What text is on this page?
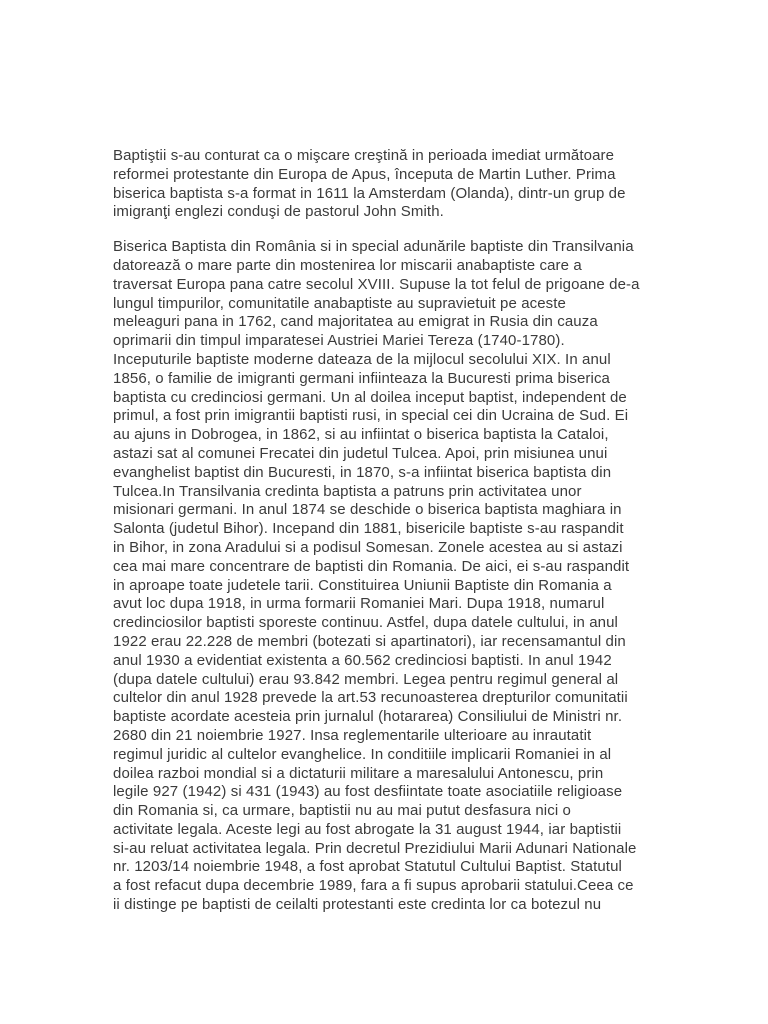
Baptiştii s-au conturat ca o mişcare creştină in perioada imediat următoare
reformei protestante din Europa de Apus, începuta de Martin Luther. Prima
biserica baptista s-a format in 1611 la Amsterdam (Olanda), dintr-un grup de
imigranţi englezi conduşi de pastorul John Smith.
Biserica Baptista din România si in special adunările baptiste din Transilvania
datorează o mare parte din mostenirea lor miscarii anabaptiste care a
traversat Europa pana catre secolul XVIII. Supuse la tot felul de prigoane de-a
lungul timpurilor, comunitatile anabaptiste au supravietuit pe aceste
meleaguri pana in 1762, cand majoritatea au emigrat in Rusia din cauza
oprimarii din timpul imparatesei Austriei Mariei Tereza (1740-1780).
Inceputurile baptiste moderne dateaza de la mijlocul secolului XIX. In anul
1856, o familie de imigranti germani infiinteaza la Bucuresti prima biserica
baptista cu credinciosi germani. Un al doilea inceput baptist, independent de
primul, a fost prin imigrantii baptisti rusi, in special cei din Ucraina de Sud. Ei
au ajuns in Dobrogea, in 1862, si au infiintat o biserica baptista la Cataloi,
astazi sat al comunei Frecatei din judetul Tulcea. Apoi, prin misiunea unui
evanghelist baptist din Bucuresti, in 1870, s-a infiintat biserica baptista din
Tulcea.In Transilvania credinta baptista a patruns prin activitatea unor
misionari germani. In anul 1874 se deschide o biserica baptista maghiara in
Salonta (judetul Bihor). Incepand din 1881, bisericile baptiste s-au raspandit
in Bihor, in zona Aradului si a podisul Somesan. Zonele acestea au si astazi
cea mai mare concentrare de baptisti din Romania. De aici, ei s-au raspandit
in aproape toate judetele tarii. Constituirea Uniunii Baptiste din Romania a
avut loc dupa 1918, in urma formarii Romaniei Mari. Dupa 1918, numarul
credinciosilor baptisti sporeste continuu. Astfel, dupa datele cultului, in anul
1922 erau 22.228 de membri (botezati si apartinatori), iar recensamantul din
anul 1930 a evidentiat existenta a 60.562 credinciosi baptisti. In anul 1942
(dupa datele cultului) erau 93.842 membri. Legea pentru regimul general al
cultelor din anul 1928 prevede la art.53 recunoasterea drepturilor comunitatii
baptiste acordate acesteia prin jurnalul (hotararea) Consiliului de Ministri nr.
2680 din 21 noiembrie 1927. Insa reglementarile ulterioare au inrautatit
regimul juridic al cultelor evanghelice. In conditiile implicarii Romaniei in al
doilea razboi mondial si a dictaturii militare a maresalului Antonescu, prin
legile 927 (1942) si 431 (1943) au fost desfiintate toate asociatiile religioase
din Romania si, ca urmare, baptistii nu au mai putut desfasura nici o
activitate legala. Aceste legi au fost abrogate la 31 august 1944, iar baptistii
si-au reluat activitatea legala. Prin decretul Prezidiului Marii Adunari Nationale
nr. 1203/14 noiembrie 1948, a fost aprobat Statutul Cultului Baptist. Statutul
a fost refacut dupa decembrie 1989, fara a fi supus aprobarii statului.Ceea ce
ii distinge pe baptisti de ceilalti protestanti este credinta lor ca botezul nu
